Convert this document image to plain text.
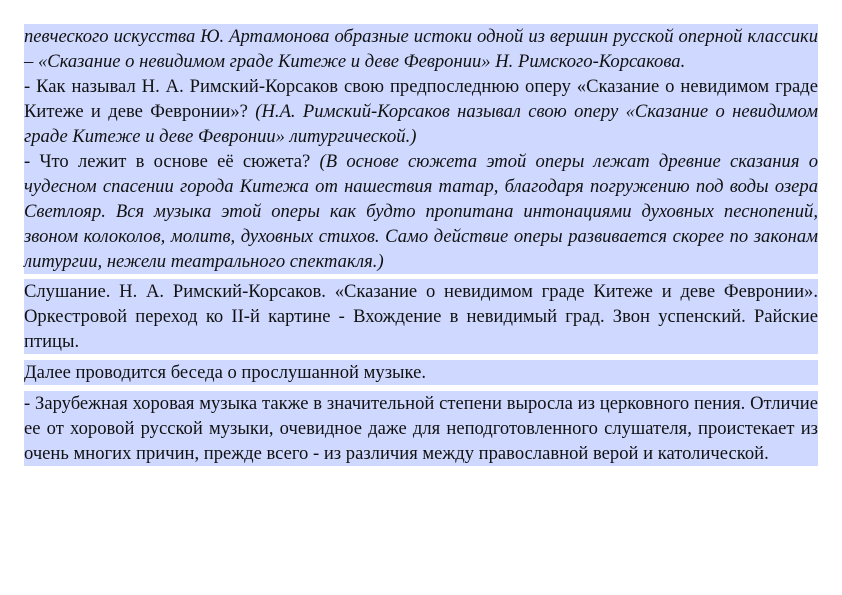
певческого искусства Ю. Артамонова образные истоки одной из вершин русской оперной классики – «Сказание о невидимом граде Китеже и деве Февронии» Н. Римского-Корсакова.

- Как называл Н. А. Римский-Корсаков свою предпоследнюю оперу «Сказание о невидимом граде Китеже и деве Февронии»? (Н.А. Римский-Корсаков называл свою оперу «Сказание о невидимом граде Китеже и деве Февронии» литургической.)

- Что лежит в основе её сюжета? (В основе сюжета этой оперы лежат древние сказания о чудесном спасении города Китежа от нашествия татар, благодаря погружению под воды озера Светлояр. Вся музыка этой оперы как будто пропитана интонациями духовных песнопений, звоном колоколов, молитв, духовных стихов. Само действие оперы развивается скорее по законам литургии, нежели театрального спектакля.)

Слушание. Н. А. Римский-Корсаков. «Сказание о невидимом граде Китеже и деве Февронии». Оркестровой переход ко II-й картине - Вхождение в невидимый град. Звон успенский. Райские птицы.

Далее проводится беседа о прослушанной музыке.

- Зарубежная хоровая музыка также в значительной степени выросла из церковного пения. Отличие ее от хоровой русской музыки, очевидное даже для неподготовленного слушателя, проистекает из очень многих причин, прежде всего - из различия между православной верой и католической.
